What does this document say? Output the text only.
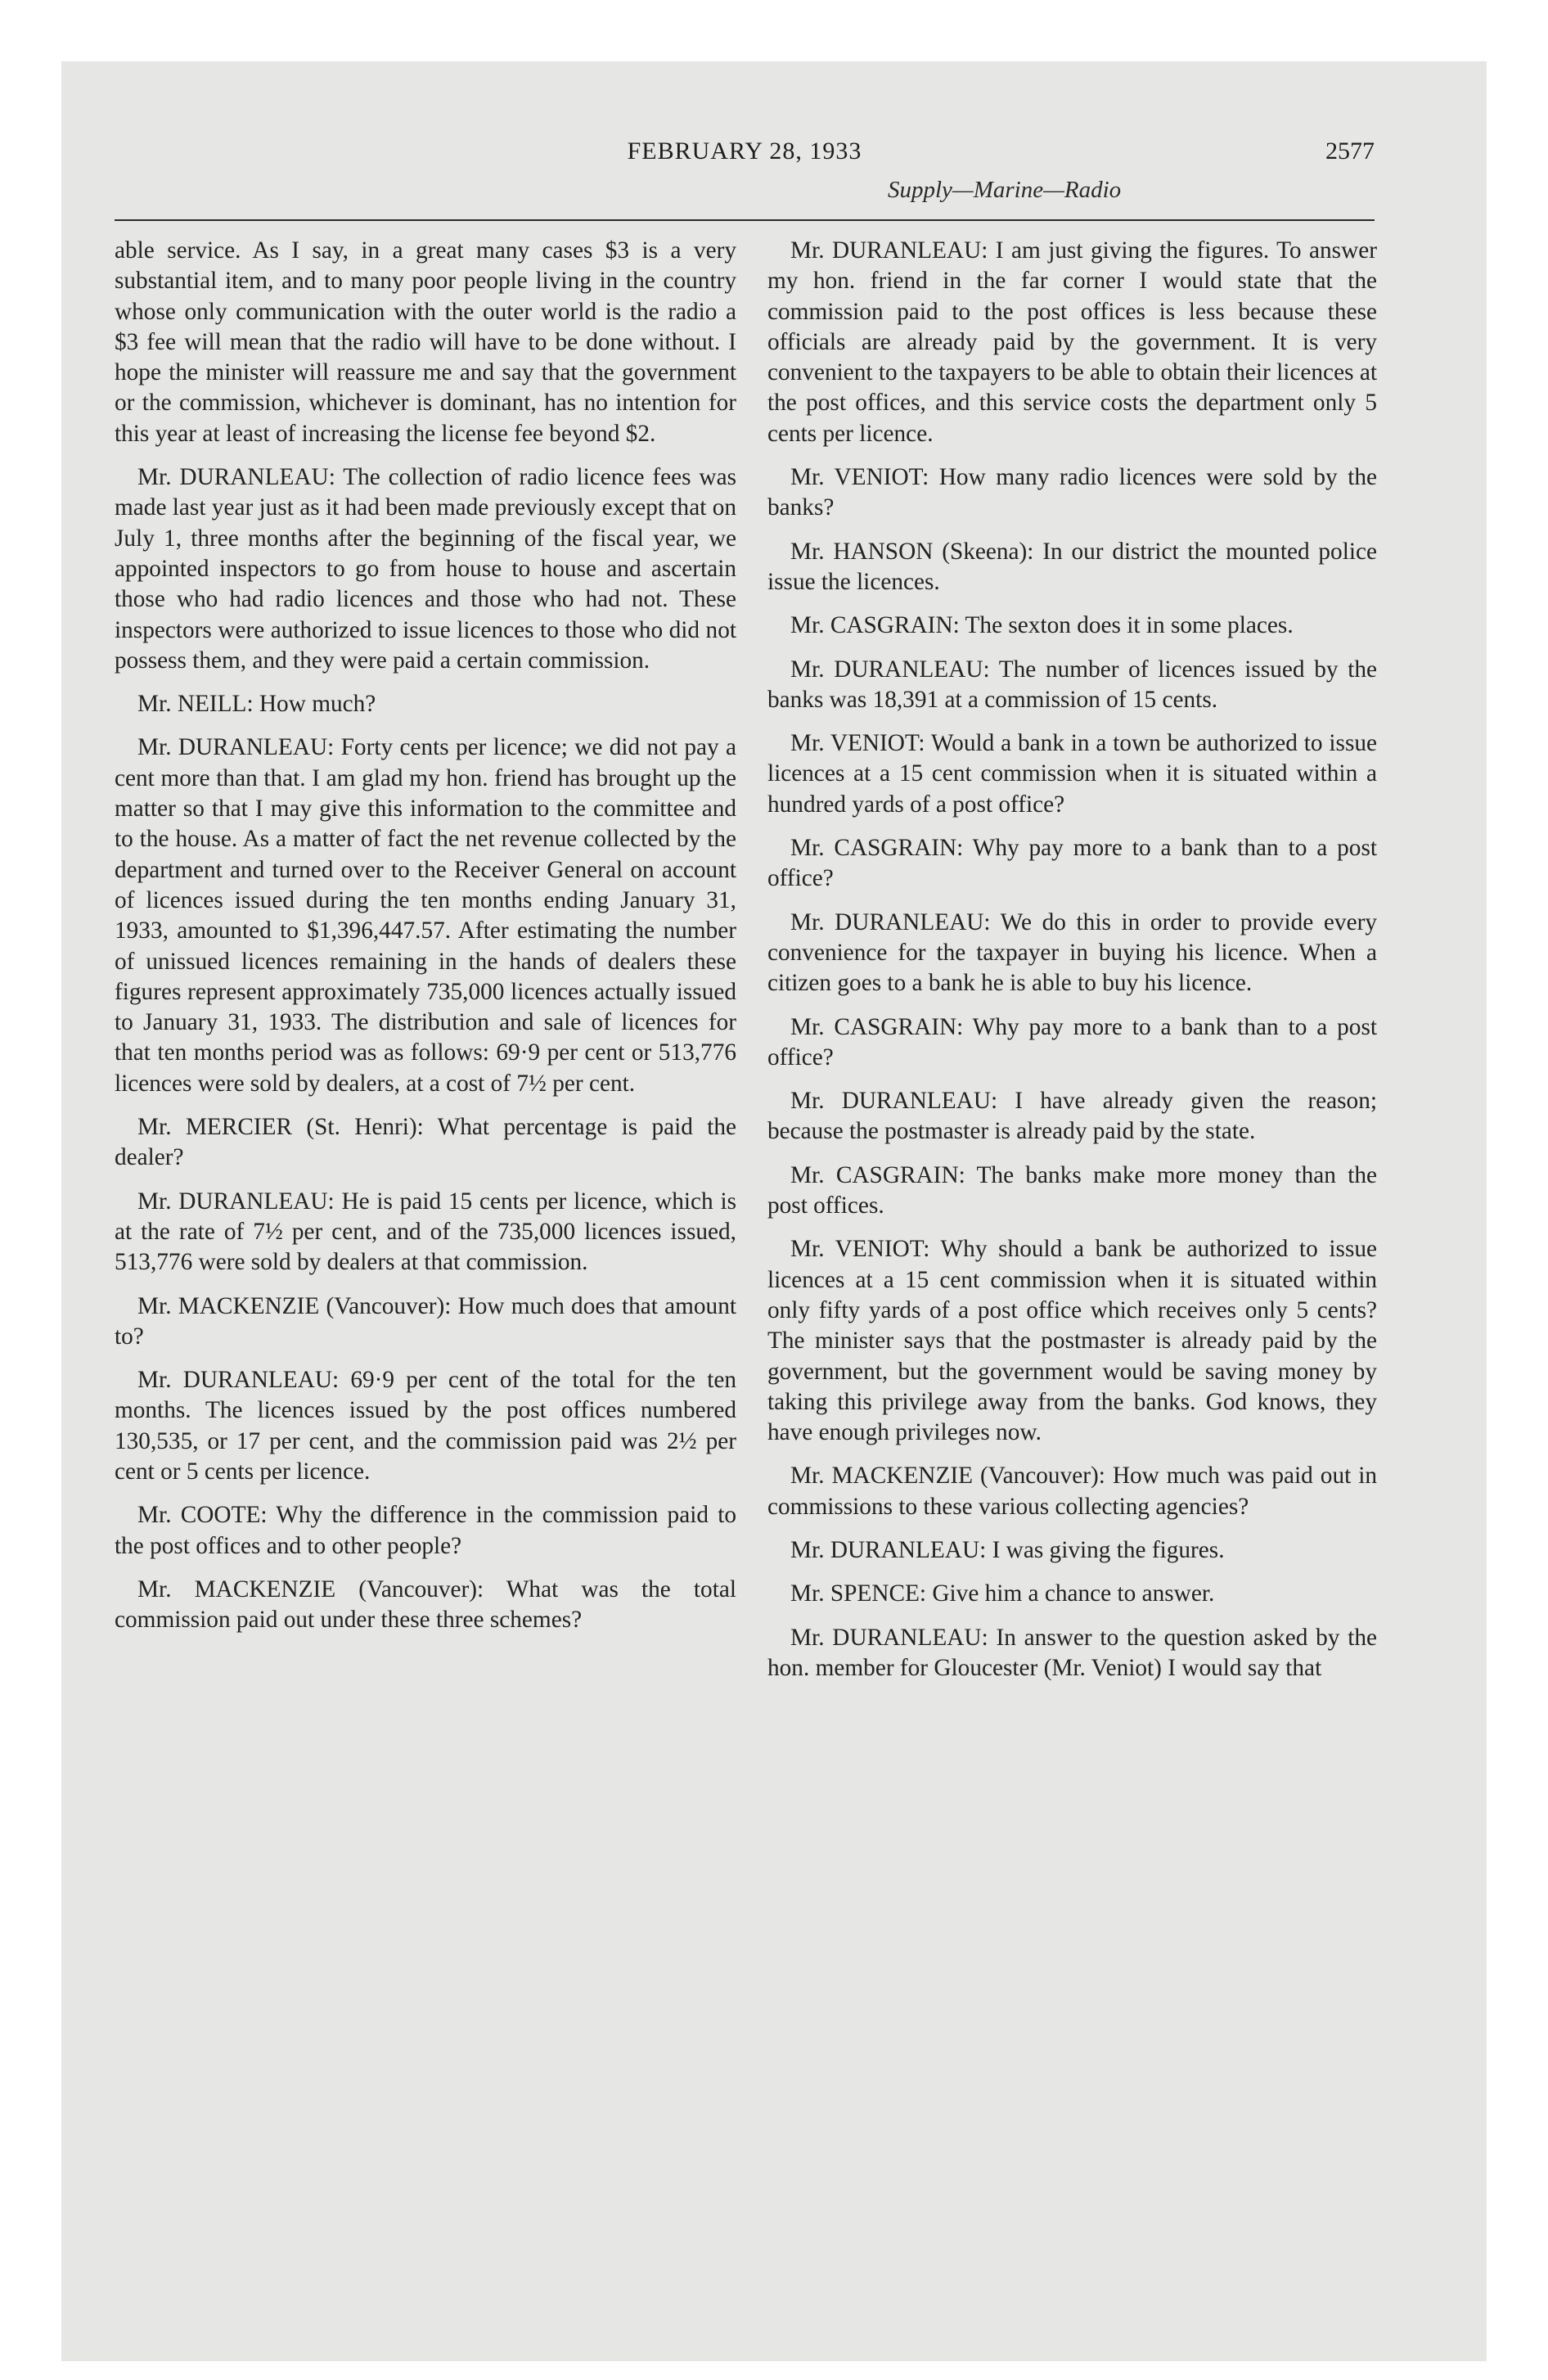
FEBRUARY 28, 1933	2577
Supply—Marine—Radio

able service. As I say, in a great many cases $3 is a very substantial item, and to many poor people living in the country whose only communication with the outer world is the radio a $3 fee will mean that the radio will have to be done without. I hope the minister will reassure me and say that the government or the commission, whichever is dominant, has no intention for this year at least of increasing the license fee beyond $2.

Mr. DURANLEAU: The collection of radio licence fees was made last year just as it had been made previously except that on July 1, three months after the beginning of the fiscal year, we appointed inspectors to go from house to house and ascertain those who had radio licences and those who had not. These inspectors were authorized to issue licences to those who did not possess them, and they were paid a certain commission.

Mr. NEILL: How much?

Mr. DURANLEAU: Forty cents per licence; we did not pay a cent more than that. I am glad my hon. friend has brought up the matter so that I may give this information to the committee and to the house. As a matter of fact the net revenue collected by the department and turned over to the Receiver General on account of licences issued during the ten months ending January 31, 1933, amounted to $1,396,447.57. After estimating the number of unissued licences remaining in the hands of dealers these figures represent approximately 735,000 licences actually issued to January 31, 1933. The distribution and sale of licences for that ten months period was as follows: 69·9 per cent or 513,776 licences were sold by dealers, at a cost of 7½ per cent.

Mr. MERCIER (St. Henri): What percentage is paid the dealer?

Mr. DURANLEAU: He is paid 15 cents per licence, which is at the rate of 7½ per cent, and of the 735,000 licences issued, 513,776 were sold by dealers at that commission.

Mr. MACKENZIE (Vancouver): How much does that amount to?

Mr. DURANLEAU: 69·9 per cent of the total for the ten months. The licences issued by the post offices numbered 130,535, or 17 per cent, and the commission paid was 2½ per cent or 5 cents per licence.

Mr. COOTE: Why the difference in the commission paid to the post offices and to other people?

Mr. MACKENZIE (Vancouver): What was the total commission paid out under these three schemes?

Mr. DURANLEAU: I am just giving the figures. To answer my hon. friend in the far corner I would state that the commission paid to the post offices is less because these officials are already paid by the government. It is very convenient to the taxpayers to be able to obtain their licences at the post offices, and this service costs the department only 5 cents per licence.

Mr. VENIOT: How many radio licences were sold by the banks?

Mr. HANSON (Skeena): In our district the mounted police issue the licences.

Mr. CASGRAIN: The sexton does it in some places.

Mr. DURANLEAU: The number of licences issued by the banks was 18,391 at a commission of 15 cents.

Mr. VENIOT: Would a bank in a town be authorized to issue licences at a 15 cent commission when it is situated within a hundred yards of a post office?

Mr. CASGRAIN: Why pay more to a bank than to a post office?

Mr. DURANLEAU: We do this in order to provide every convenience for the taxpayer in buying his licence. When a citizen goes to a bank he is able to buy his licence.

Mr. CASGRAIN: Why pay more to a bank than to a post office?

Mr. DURANLEAU: I have already given the reason; because the postmaster is already paid by the state.

Mr. CASGRAIN: The banks make more money than the post offices.

Mr. VENIOT: Why should a bank be authorized to issue licences at a 15 cent commission when it is situated within only fifty yards of a post office which receives only 5 cents? The minister says that the postmaster is already paid by the government, but the government would be saving money by taking this privilege away from the banks. God knows, they have enough privileges now.

Mr. MACKENZIE (Vancouver): How much was paid out in commissions to these various collecting agencies?

Mr. DURANLEAU: I was giving the figures.

Mr. SPENCE: Give him a chance to answer.

Mr. DURANLEAU: In answer to the question asked by the hon. member for Gloucester (Mr. Veniot) I would say that
